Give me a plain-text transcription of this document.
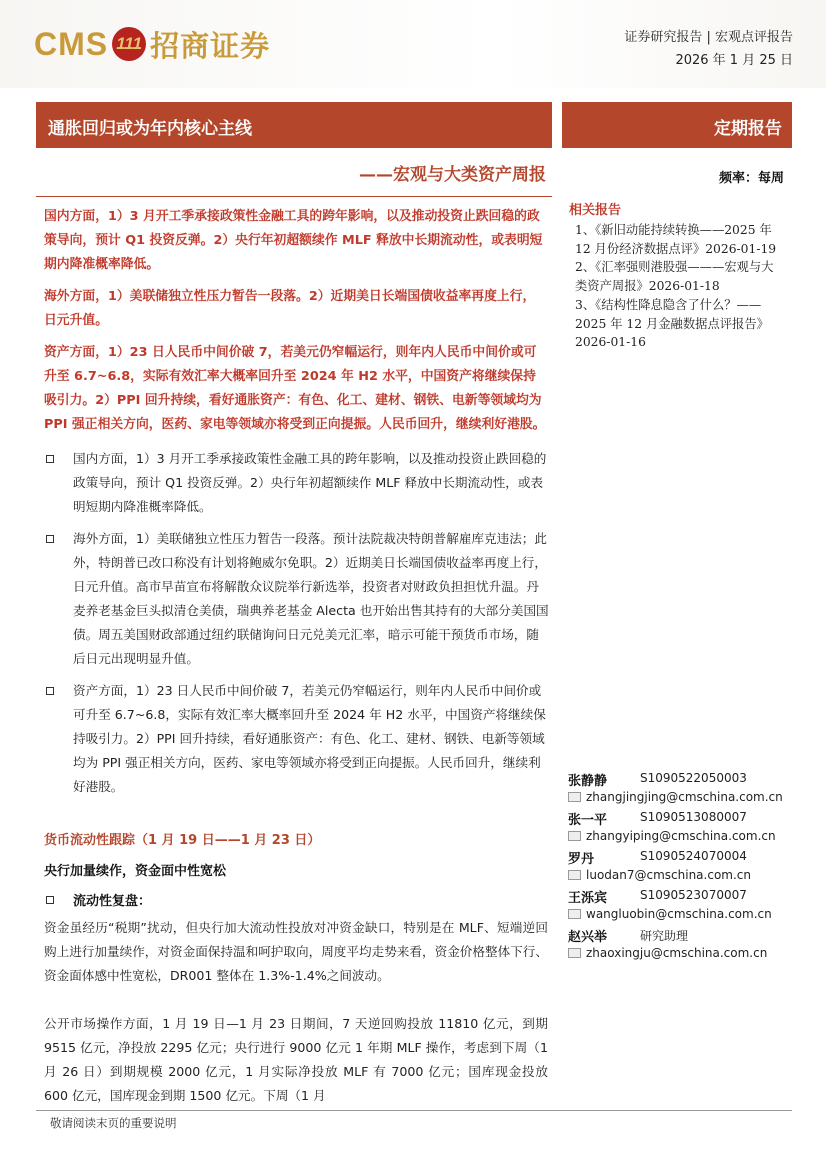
CMS 111 招商证券	证券研究报告 | 宏观点评报告
2026 年 1 月 25 日
通胀回归或为年内核心主线
——宏观与大类资产周报
定期报告

国内方面，1）3 月开工季承接政策性金融工具的跨年影响，以及推动投资止跌回稳的政策导向，预计 Q1 投资反弹。2）央行年初超额续作 MLF 释放中长期流动性，或表明短期内降准概率降低。

海外方面，1）美联储独立性压力暂告一段落。2）近期美日长端国债收益率再度上行，日元升值。

资产方面，1）23 日人民币中间价破 7，若美元仍窄幅运行，则年内人民币中间价或可升至 6.7~6.8，实际有效汇率大概率回升至 2024 年 H2 水平，中国资产将继续保持吸引力。2）PPI 回升持续，看好通胀资产：有色、化工、建材、钢铁、电新等领域均为 PPI 强正相关方向，医药、家电等领域亦将受到正向提振。人民币回升，继续利好港股。

国内方面，1）3 月开工季承接政策性金融工具的跨年影响，以及推动投资止跌回稳的政策导向，预计 Q1 投资反弹。2）央行年初超额续作 MLF 释放中长期流动性，或表明短期内降准概率降低。
海外方面，1）美联储独立性压力暂告一段落。预计法院裁决特朗普解雇库克违法；此外，特朗普已改口称没有计划将鲍威尔免职。2）近期美日长端国债收益率再度上行，日元升值。高市早苗宣布将解散众议院举行新选举，投资者对财政负担担忧升温。丹麦养老基金巨头拟清仓美债，瑞典养老基金 Alecta 也开始出售其持有的大部分美国国债。周五美国财政部通过纽约联储询问日元兑美元汇率，暗示可能干预货币市场，随后日元出现明显升值。
资产方面，1）23 日人民币中间价破 7，若美元仍窄幅运行，则年内人民币中间价或可升至 6.7~6.8，实际有效汇率大概率回升至 2024 年 H2 水平，中国资产将继续保持吸引力。2）PPI 回升持续，看好通胀资产：有色、化工、建材、钢铁、电新等领域均为 PPI 强正相关方向，医药、家电等领域亦将受到正向提振。人民币回升，继续利好港股。
货币流动性跟踪（1 月 19 日——1 月 23 日）
央行加量续作，资金面中性宽松
流动性复盘：
资金虽经历“税期”扰动，但央行加大流动性投放对冲资金缺口，特别是在 MLF、短端逆回购上进行加量续作，对资金面保持温和呵护取向，周度平均走势来看，资金价格整体下行、资金面体感中性宽松，DR001 整体在 1.3%-1.4%之间波动。
公开市场操作方面，1 月 19 日—1 月 23 日期间，7 天逆回购投放 11810 亿元，到期 9515 亿元，净投放 2295 亿元；央行进行 9000 亿元 1 年期 MLF 操作，考虑到下周（1 月 26 日）到期规模 2000 亿元，1 月实际净投放 MLF 有 7000 亿元；国库现金投放 600 亿元，国库现金到期 1500 亿元。下周（1 月
频率：每周
相关报告
1、《新旧动能持续转换——2025 年 12 月份经济数据点评》2026-01-19
2、《汇率强则港股强———宏观与大类资产周报》2026-01-18
3、《结构性降息隐含了什么？——2025 年 12 月金融数据点评报告》2026-01-16
张静静	S1090522050003
zhangjingjing@cmschina.com.cn
张一平	S1090513080007
zhangyiping@cmschina.com.cn
罗丹	S1090524070004
luodan7@cmschina.com.cn
王泺宾	S1090523070007
wangluobin@cmschina.com.cn
赵兴举	研究助理
zhaoxingju@cmschina.com.cn
敬请阅读末页的重要说明
